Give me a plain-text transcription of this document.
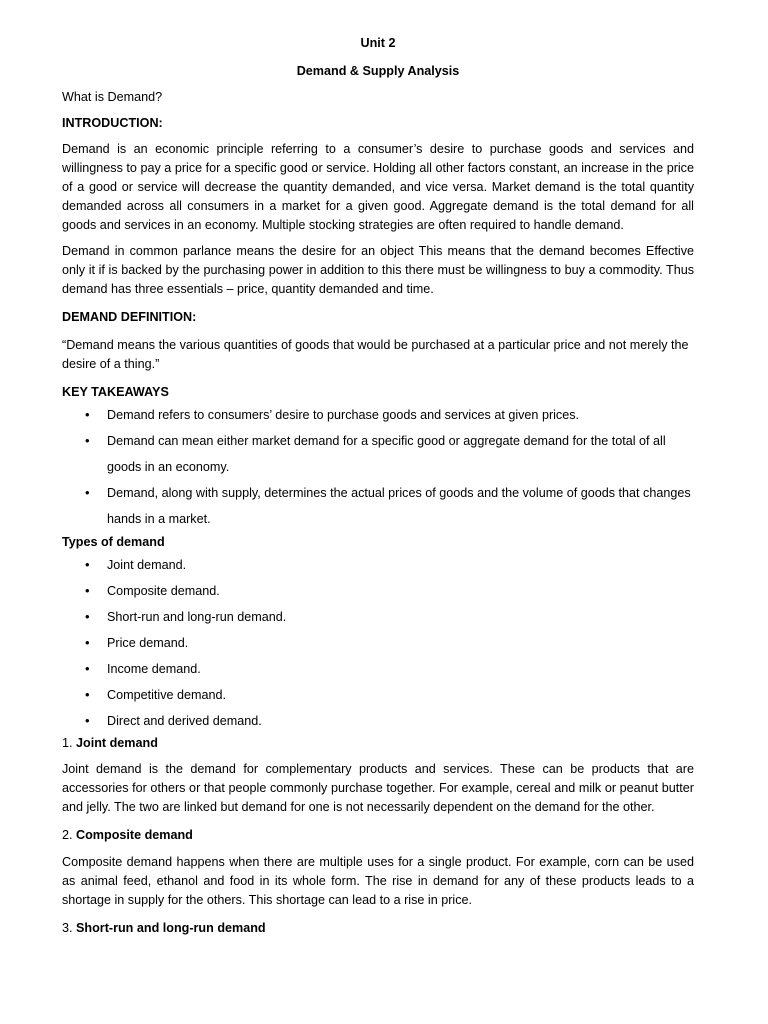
Unit 2

Demand & Supply Analysis

What is Demand?

INTRODUCTION:

Demand is an economic principle referring to a consumer’s desire to purchase goods and services and willingness to pay a price for a specific good or service. Holding all other factors constant, an increase in the price of a good or service will decrease the quantity demanded, and vice versa. Market demand is the total quantity demanded across all consumers in a market for a given good. Aggregate demand is the total demand for all goods and services in an economy. Multiple stocking strategies are often required to handle demand.

Demand in common parlance means the desire for an object This means that the demand becomes Effective only it if is backed by the purchasing power in addition to this there must be willingness to buy a commodity. Thus demand has three essentials – price, quantity demanded and time.

DEMAND DEFINITION:

“Demand means the various quantities of goods that would be purchased at a particular price and not merely the desire of a thing.”

KEY TAKEAWAYS

• Demand refers to consumers’ desire to purchase goods and services at given prices.
• Demand can mean either market demand for a specific good or aggregate demand for the total of all goods in an economy.
• Demand, along with supply, determines the actual prices of goods and the volume of goods that changes hands in a market.

Types of demand

• Joint demand.
• Composite demand.
• Short-run and long-run demand.
• Price demand.
• Income demand.
• Competitive demand.
• Direct and derived demand.

1. Joint demand

Joint demand is the demand for complementary products and services. These can be products that are accessories for others or that people commonly purchase together. For example, cereal and milk or peanut butter and jelly. The two are linked but demand for one is not necessarily dependent on the demand for the other.

2. Composite demand

Composite demand happens when there are multiple uses for a single product. For example, corn can be used as animal feed, ethanol and food in its whole form. The rise in demand for any of these products leads to a shortage in supply for the others. This shortage can lead to a rise in price.

3. Short-run and long-run demand
